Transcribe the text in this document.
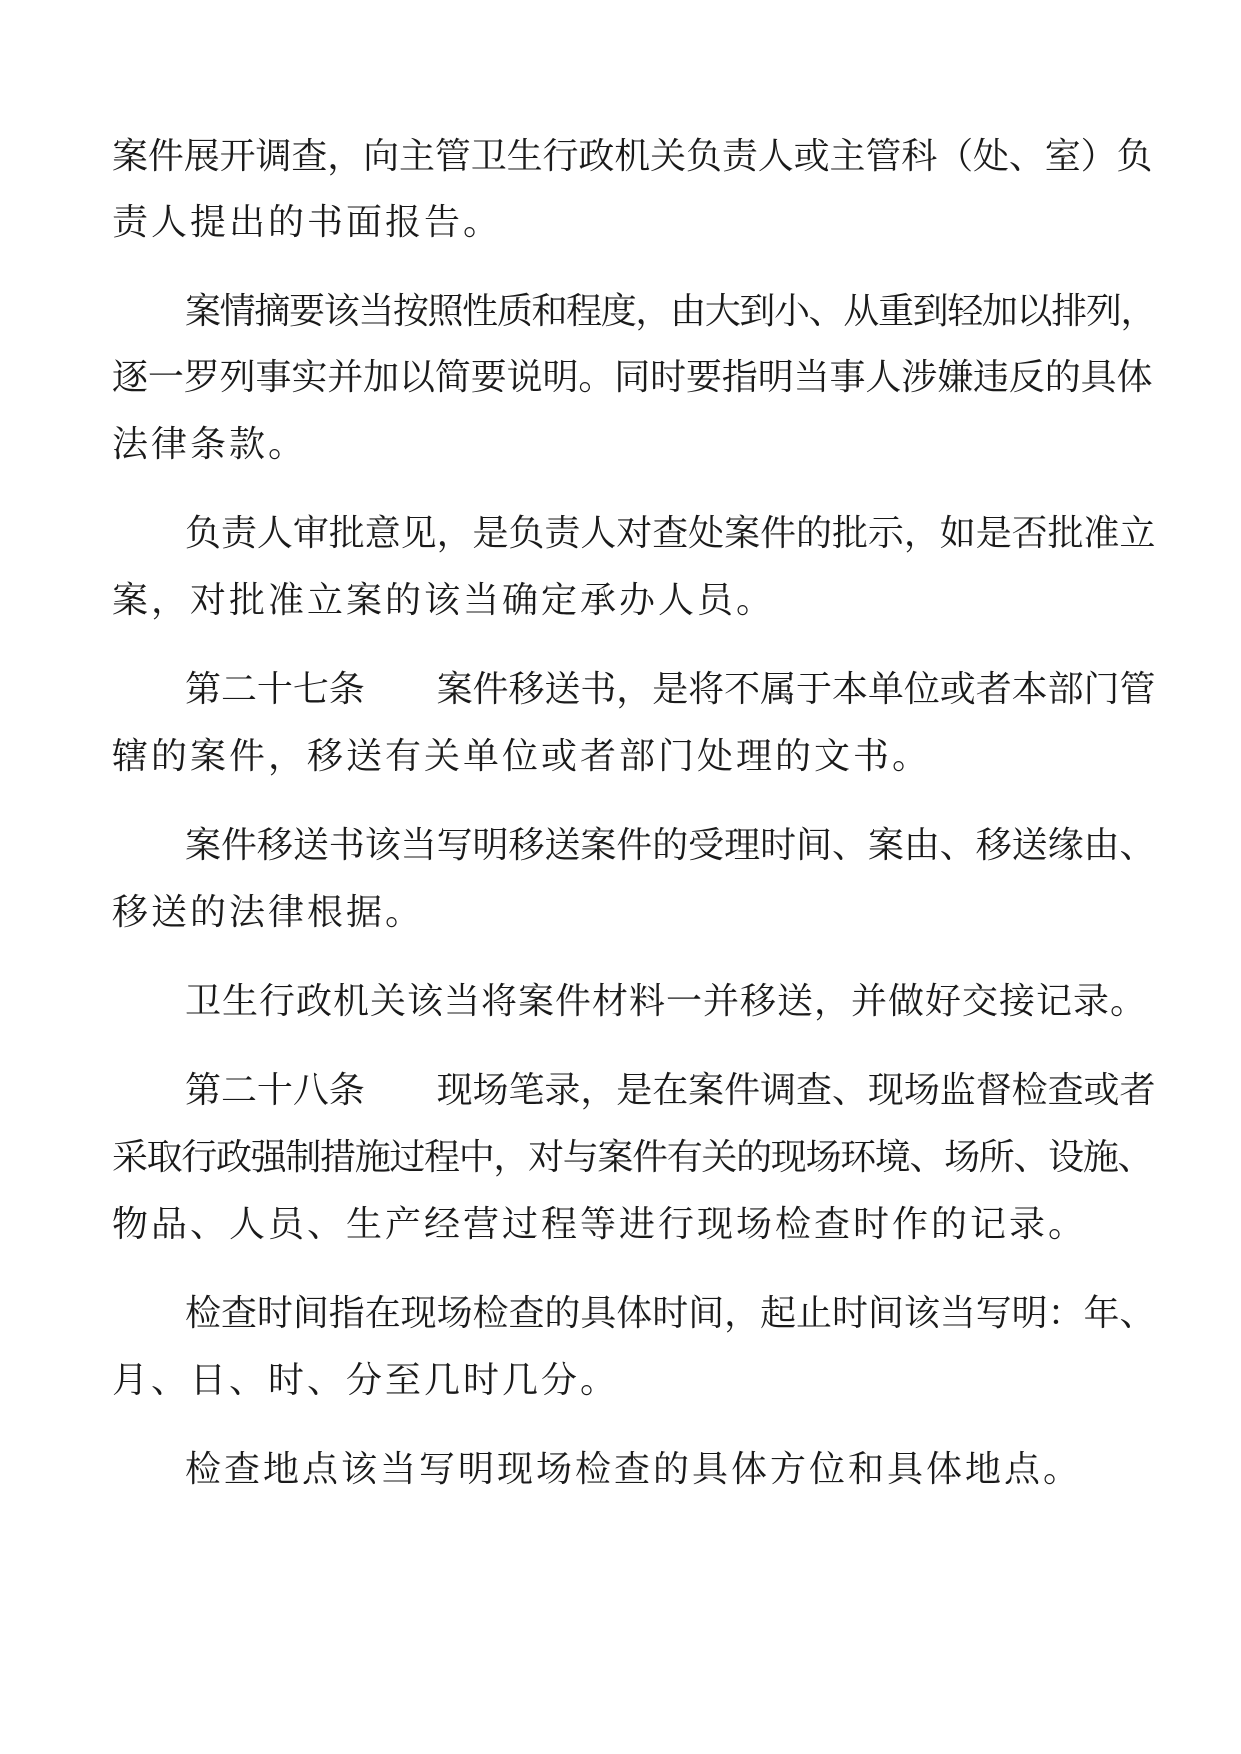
案件展开调查，向主管卫生行政机关负责人或主管科（处、室）负
责人提出的书面报告。
案情摘要该当按照性质和程度，由大到小、从重到轻加以排列，
逐一罗列事实并加以简要说明。同时要指明当事人涉嫌违反的具体
法律条款。
负责人审批意见，是负责人对查处案件的批示，如是否批准立
案，对批准立案的该当确定承办人员。
第二十七条　　案件移送书，是将不属于本单位或者本部门管
辖的案件，移送有关单位或者部门处理的文书。
案件移送书该当写明移送案件的受理时间、案由、移送缘由、
移送的法律根据。
卫生行政机关该当将案件材料一并移送，并做好交接记录。
第二十八条　　现场笔录，是在案件调查、现场监督检查或者
采取行政强制措施过程中，对与案件有关的现场环境、场所、设施、
物品、人员、生产经营过程等进行现场检查时作的记录。
检查时间指在现场检查的具体时间，起止时间该当写明：年、
月、日、时、分至几时几分。
检查地点该当写明现场检查的具体方位和具体地点。
